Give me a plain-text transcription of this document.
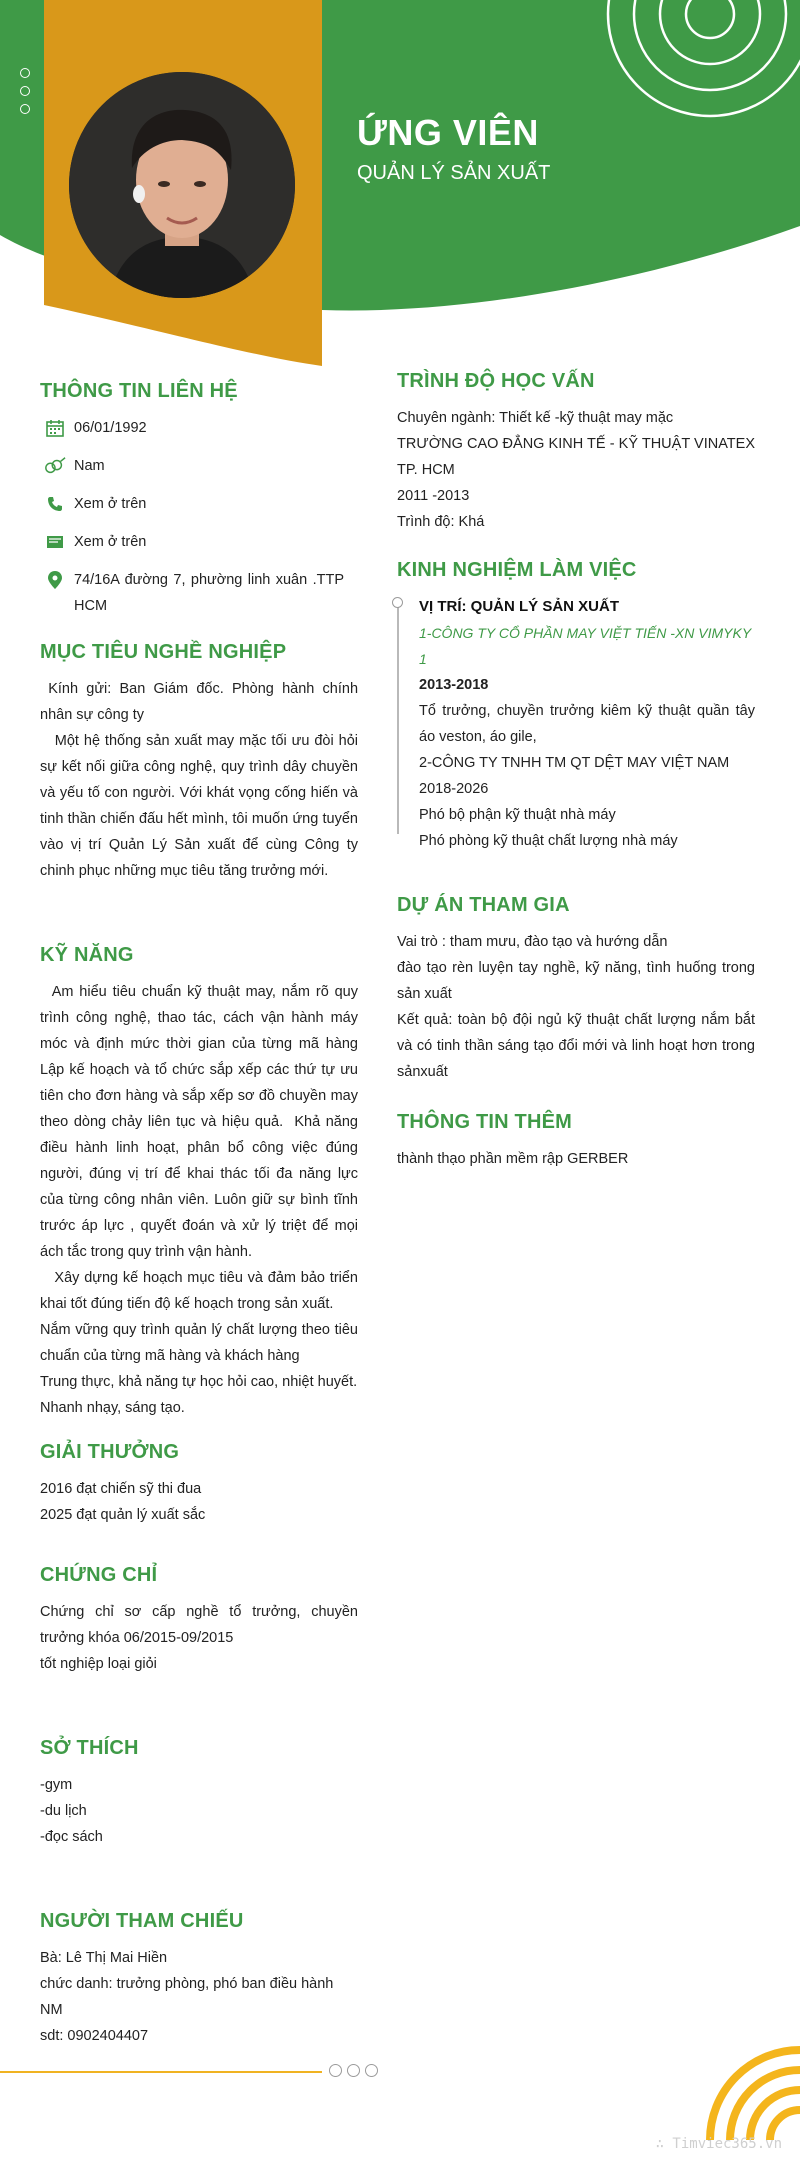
ỨNG VIÊN
QUẢN LÝ SẢN XUẤT
THÔNG TIN LIÊN HỆ
06/01/1992
Nam
Xem ở trên
Xem ở trên
74/16A đường 7, phường linh xuân .TTP HCM
MỤC TIÊU NGHỀ NGHIỆP

Kính gửi: Ban Giám đốc. Phòng hành chính nhân sự công ty

Một hệ thống sản xuất may mặc tối ưu đòi hỏi sự kết nối giữa công nghệ, quy trình dây chuyền và yếu tố con người. Với khát vọng cống hiến và tinh thần chiến đấu hết mình, tôi muốn ứng tuyển vào vị trí Quản Lý Sản xuất để cùng Công ty chinh phục những mục tiêu tăng trưởng mới.

KỸ NĂNG

Am hiểu tiêu chuẩn kỹ thuật may, nắm rõ quy trình công nghệ, thao tác, cách vận hành máy móc và định mức thời gian của từng mã hàng  Lập kế hoạch và tổ chức sắp xếp các thứ tự ưu tiên cho đơn hàng và sắp xếp sơ đồ chuyền may theo dòng chảy liên tục và hiệu quả.  Khả năng điều hành linh hoạt, phân bổ công việc đúng người, đúng vị trí để khai thác tối đa năng lực của từng công nhân viên. Luôn giữ sự bình tĩnh trước áp lực , quyết đoán và xử lý triệt để mọi ách tắc trong quy trình vận hành.

Xây dựng kế hoạch mục tiêu và đảm bảo triển khai tốt đúng tiến độ kế hoạch trong sản xuất.

Nắm vững quy trình quản lý chất lượng theo tiêu chuẩn của từng mã hàng và khách hàng

Trung thực, khả năng tự học hỏi cao, nhiệt huyết.

Nhanh nhạy, sáng tạo.

GIẢI THƯỞNG

2016 đạt chiến sỹ thi đua

2025 đạt quản lý xuất sắc

CHỨNG CHỈ

Chứng chỉ sơ cấp nghề tổ trưởng, chuyền trưởng khóa 06/2015-09/2015

tốt nghiệp loại giỏi

SỞ THÍCH

-gym

-du lịch

-đọc sách

NGƯỜI THAM CHIẾU

Bà: Lê Thị Mai Hiền

chức danh: trưởng phòng, phó ban điều hành NM

sdt: 0902404407

TRÌNH ĐỘ HỌC VẤN

Chuyên ngành: Thiết kế -kỹ thuật may mặc

TRƯỜNG CAO ĐẲNG KINH TẾ - KỸ THUẬT VINATEX TP. HCM

2011 -2013

Trình độ: Khá

KINH NGHIỆM LÀM VIỆC
VỊ TRÍ: QUẢN LÝ SẢN XUẤT
1-CÔNG TY CỔ PHẦN MAY VIỆT TIẾN -XN VIMYKY 1
2013-2018

Tổ trưởng, chuyền trưởng kiêm kỹ thuật quần tây áo veston, áo gile,

2-CÔNG TY TNHH TM QT DỆT MAY VIỆT NAM

2018-2026

Phó bộ phận kỹ thuật nhà máy

Phó phòng kỹ thuật chất lượng nhà máy

DỰ ÁN THAM GIA

Vai trò : tham mưu, đào tạo và hướng dẫn

đào tạo rèn luyện tay nghề, kỹ năng, tình huống trong sản xuất

Kết quả: toàn bộ đội ngủ kỹ thuật chất lượng nắm bắt và có tinh thần sáng tạo đổi mới và linh hoạt hơn trong sảnxuất

THÔNG TIN THÊM

thành thạo phần mềm rập GERBER

∴ Timviec365.vn
